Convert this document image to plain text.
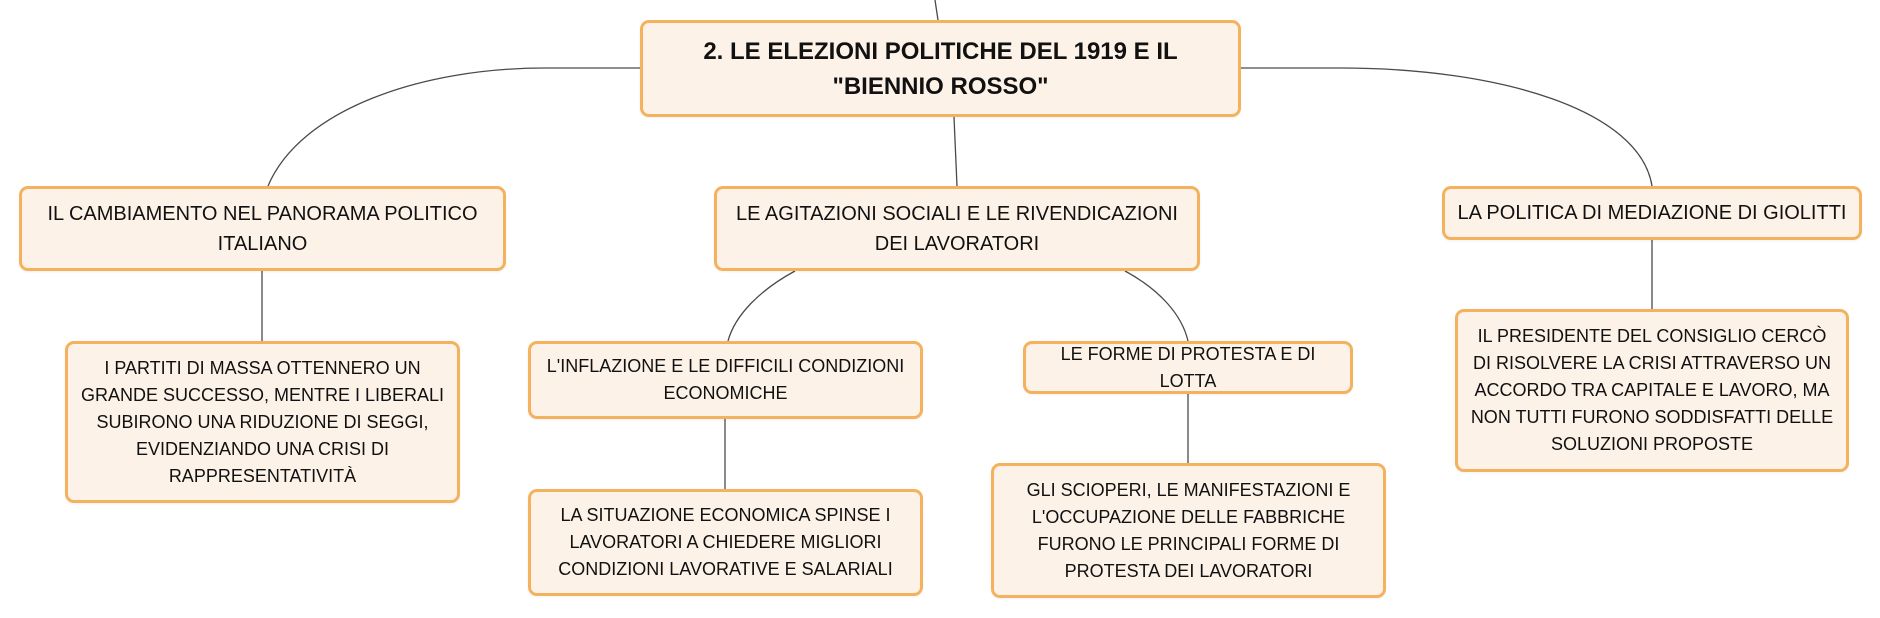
2. LE ELEZIONI POLITICHE DEL 1919 E IL "BIENNIO ROSSO"
IL CAMBIAMENTO NEL PANORAMA POLITICO ITALIANO
LE AGITAZIONI SOCIALI E LE RIVENDICAZIONI DEI LAVORATORI
LA POLITICA DI MEDIAZIONE DI GIOLITTI
I PARTITI DI MASSA OTTENNERO UN GRANDE SUCCESSO, MENTRE I LIBERALI SUBIRONO UNA RIDUZIONE DI SEGGI, EVIDENZIANDO UNA CRISI DI RAPPRESENTATIVITÀ
L'INFLAZIONE E LE DIFFICILI CONDIZIONI ECONOMICHE
LE FORME DI PROTESTA E DI LOTTA
IL PRESIDENTE DEL CONSIGLIO CERCÒ DI RISOLVERE LA CRISI ATTRAVERSO UN ACCORDO TRA CAPITALE E LAVORO, MA NON TUTTI FURONO SODDISFATTI DELLE SOLUZIONI PROPOSTE
LA SITUAZIONE ECONOMICA SPINSE I LAVORATORI A CHIEDERE MIGLIORI CONDIZIONI LAVORATIVE E SALARIALI
GLI SCIOPERI, LE MANIFESTAZIONI E L'OCCUPAZIONE DELLE FABBRICHE FURONO LE PRINCIPALI FORME DI PROTESTA DEI LAVORATORI
